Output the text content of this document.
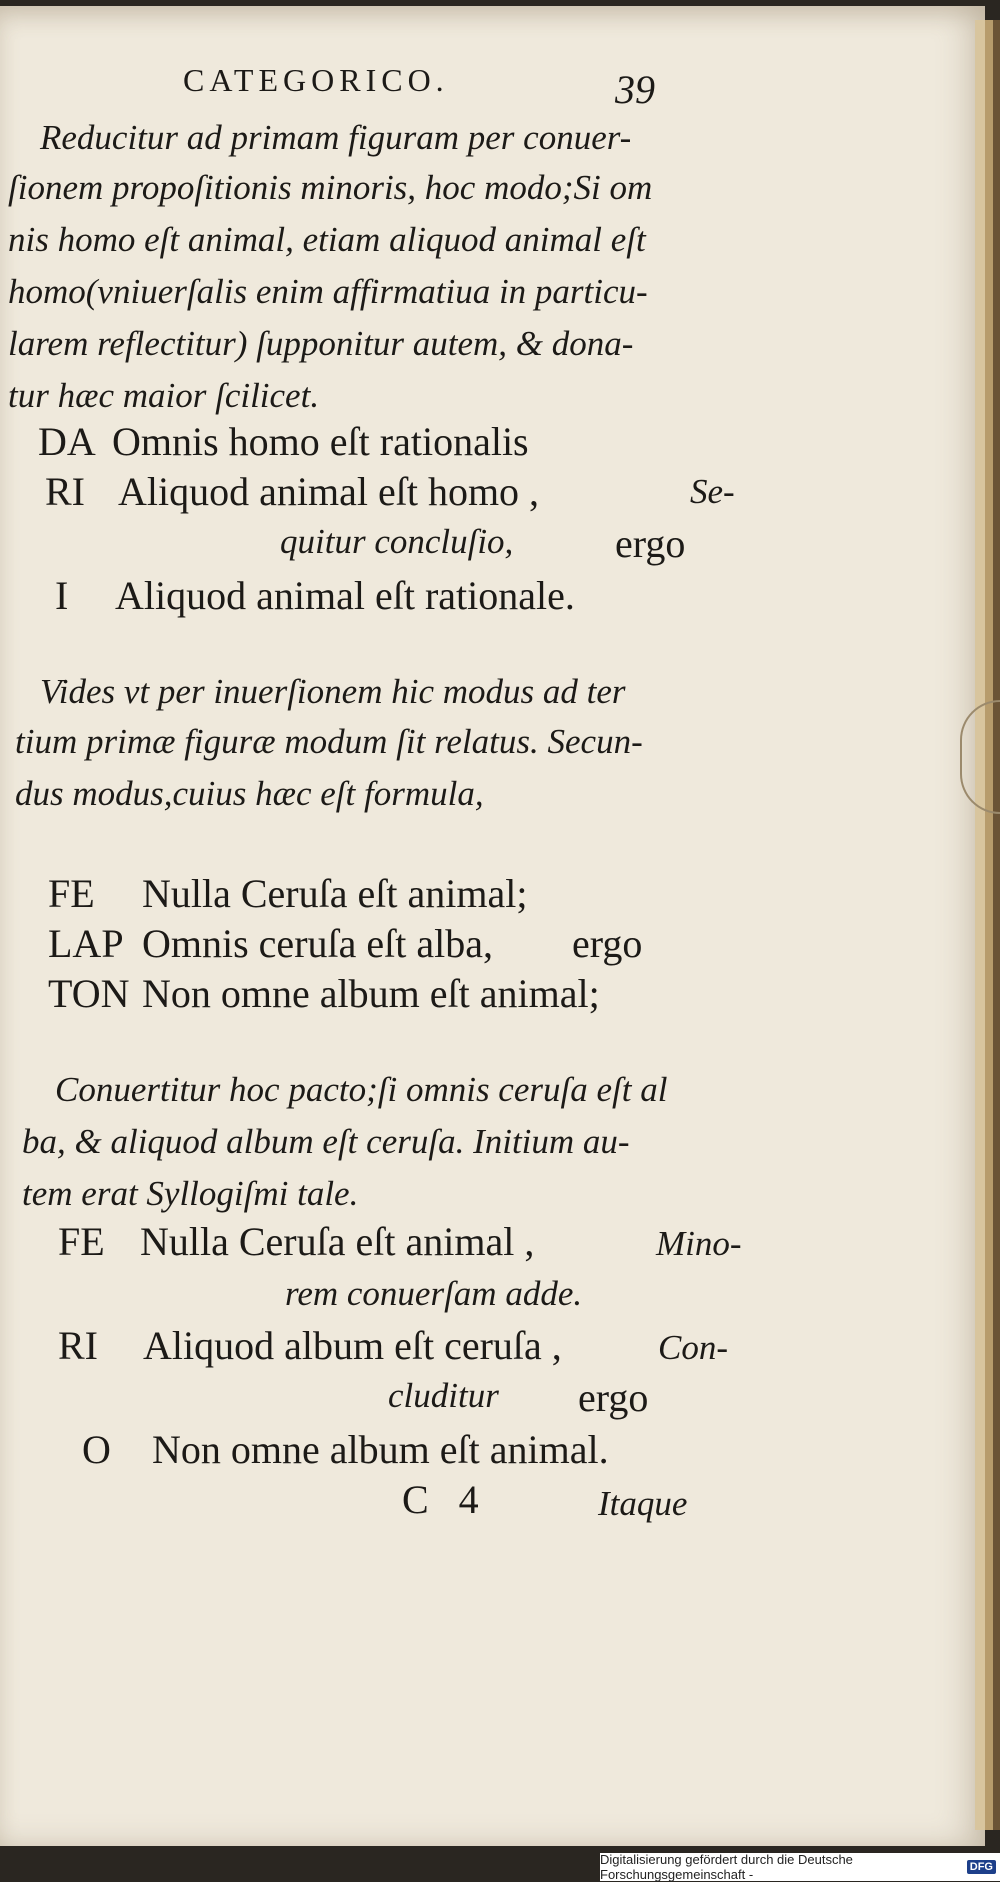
CATEGORICO.	39
Reducitur ad primam figuram per conuer-
ſionem propoſitionis minoris, hoc modo;Si om
nis homo eſt animal, etiam aliquod animal eſt
homo(vniuerſalis enim affirmatiua in particu-
larem reflectitur) ſupponitur autem, & dona-
tur hæc maior ſcilicet.
DA Omnis homo eſt rationalis
RI Aliquod animal eſt homo ,	Se-
quitur concluſio,	ergo
I Aliquod animal eſt rationale.
Vides vt per inuerſionem hic modus ad ter
tium primæ figuræ modum ſit relatus. Secun-
dus modus,cuius hæc eſt formula,
FE Nulla Ceruſa eſt animal;
LAP Omnis ceruſa eſt alba, ergo
TON Non omne album eſt animal;
Conuertitur hoc pacto;ſi omnis ceruſa eſt al
ba, & aliquod album eſt ceruſa. Initium au-
tem erat Syllogiſmi tale.
FE Nulla Ceruſa eſt animal ,	Mino-
rem conuerſam adde.
RI Aliquod album eſt ceruſa ,	Con-
cluditur ergo
O Non omne album eſt animal.
C 4	Itaque
Digitalisierung gefördert durch die Deutsche Forschungsgemeinschaft -	DFG
